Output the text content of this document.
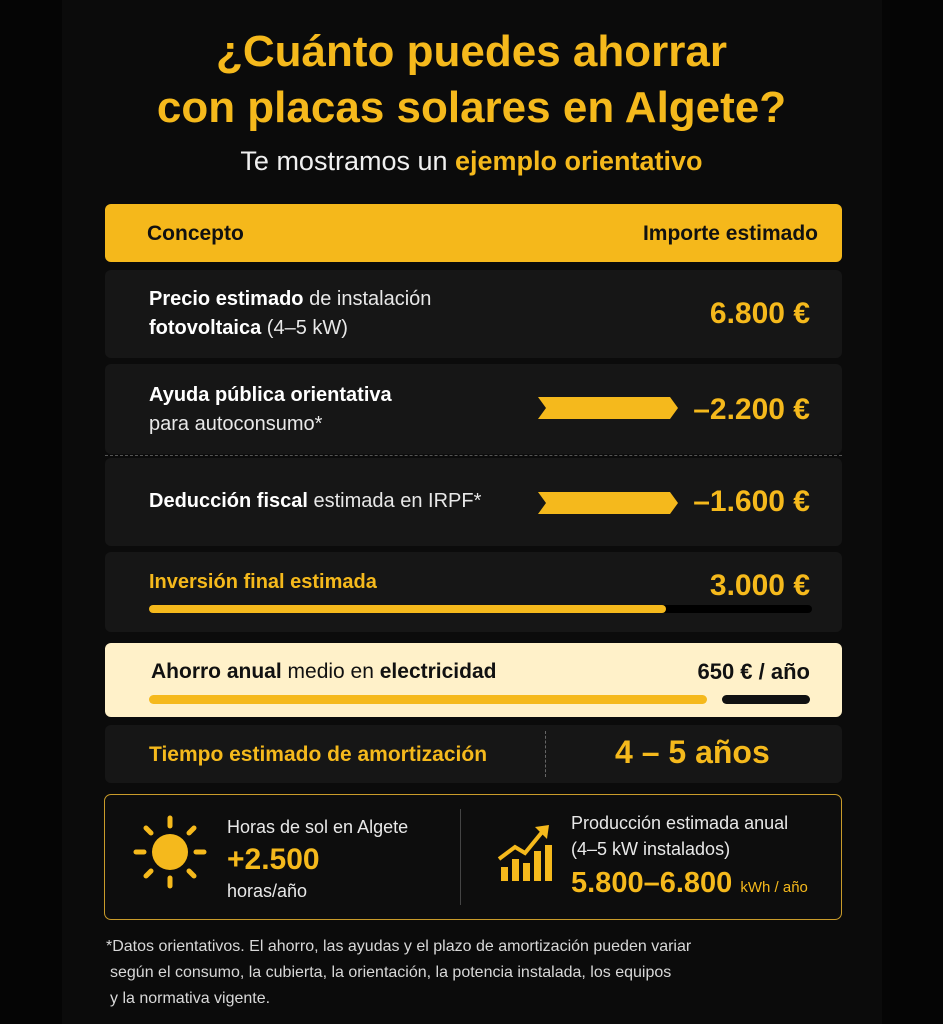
¿Cuánto puedes ahorrar
con placas solares en Algete?
Te mostramos un ejemplo orientativo
Concepto	Importe estimado
Precio estimado de instalación
fotovoltaica (4–5 kW)	6.800 €
Ayuda pública orientativa
para autoconsumo*	–2.200 €
Deducción fiscal estimada en IRPF*	–1.600 €
Inversión final estimada	3.000 €
Ahorro anual medio en electricidad	650 € / año
Tiempo estimado de amortización	4 – 5 años
Horas de sol en Algete
+2.500
horas/año
Producción estimada anual
(4–5 kW instalados)
5.800–6.800 kWh / año
*Datos orientativos. El ahorro, las ayudas y el plazo de amortización pueden variar
según el consumo, la cubierta, la orientación, la potencia instalada, los equipos
y la normativa vigente.
